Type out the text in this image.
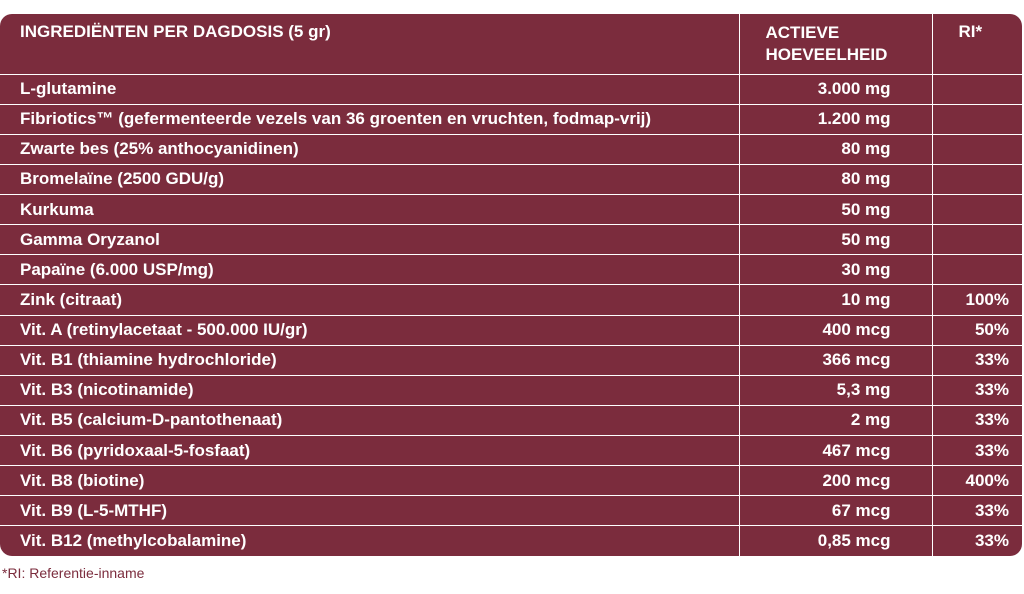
INGREDIËNTEN PER DAGDOSIS (5 gr)	ACTIEVE HOEVEELHEID	RI*
L-glutamine	3.000 mg	
Fibriotics™ (gefermenteerde vezels van 36 groenten en vruchten, fodmap-vrij)	1.200 mg	
Zwarte bes (25% anthocyanidinen)	80 mg	
Bromelaïne (2500 GDU/g)	80 mg	
Kurkuma	50 mg	
Gamma Oryzanol	50 mg	
Papaïne (6.000 USP/mg)	30 mg	
Zink (citraat)	10 mg	100%
Vit. A (retinylacetaat - 500.000 IU/gr)	400 mcg	50%
Vit. B1 (thiamine hydrochloride)	366 mcg	33%
Vit. B3 (nicotinamide)	5,3 mg	33%
Vit. B5 (calcium-D-pantothenaat)	2 mg	33%
Vit. B6 (pyridoxaal-5-fosfaat)	467 mcg	33%
Vit. B8 (biotine)	200 mcg	400%
Vit. B9 (L-5-MTHF)	67 mcg	33%
Vit. B12 (methylcobalamine)	0,85 mcg	33%
*RI: Referentie-inname
